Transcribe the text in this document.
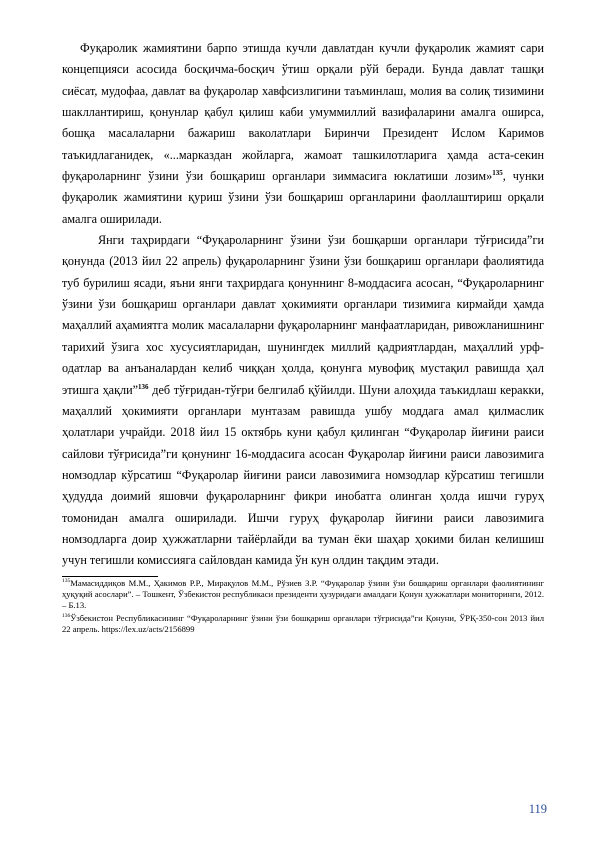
Фуқаролик жамиятини барпо этишда кучли давлатдан кучли фуқаролик жамият сари концепцияси асосида босқичма-босқич ўтиш орқали рўй беради. Бунда давлат ташқи сиёсат, мудофаа, давлат ва фуқаролар хавфсизлигини таъминлаш, молия ва солиқ тизимини шакллантириш, қонунлар қабул қилиш каби умуммиллий вазифаларини амалга оширса, бошқа масалаларни бажариш ваколатлари Биринчи Президент Ислом Каримов таъкидлаганидек, «...марказдан жойларга, жамоат ташкилотларига ҳамда аста-секин фуқароларнинг ўзини ўзи бошқариш органлари зиммасига юклатиши лозим»$^{135}$, чунки фуқаролик жамиятини қуриш ўзини ўзи бошқариш органларини фаоллаштириш орқали амалга оширилади.

Янги таҳрирдаги “Фуқароларнинг ўзини ўзи бошқарши органлари тўғрисида”ги қонунда (2013 йил 22 апрель) фуқароларнинг ўзини ўзи бошқариш органлари фаолиятида туб бурилиш ясади, яъни янги таҳрирдага қонуннинг 8-моддасига асосан, “Фуқароларнинг ўзини ўзи бошқариш органлари давлат ҳокимияти органлари тизимига кирмайди ҳамда маҳаллий аҳамиятга молик масалаларни фуқароларнинг манфаатларидан, ривожланишнинг тарихий ўзига хос хусусиятларидан, шунингдек миллий қадриятлардан, маҳаллий урф-одатлар ва анъаналардан келиб чиққан ҳолда, қонунга мувофиқ мустақил равишда ҳал этишга ҳақли”$^{136}$ деб тўғридан-тўғри белгилаб қўйилди. Шуни алоҳида таъкидлаш керакки, маҳаллий ҳокимияти органлари мунтазам равишда ушбу моддага амал қилмаслик ҳолатлари учрайди. 2018 йил 15 октябрь куни қабул қилинган “Фуқаролар йиғини раиси сайлови тўғрисида”ги қонунинг 16-моддасига асосан Фуқаролар йиғини раиси лавозимига номзодлар кўрсатиш “Фуқаролар йиғини раиси лавозимига номзодлар кўрсатиш тегишли ҳудудда доимий яшовчи фуқароларнинг фикри инобатга олинган ҳолда ишчи гуруҳ томонидан амалга оширилади. Ишчи гуруҳ фуқаролар йиғини раиси лавозимига номзодларга доир ҳужжатларни тайёрлайди ва туман ёки шаҳар ҳокими билан келишиш учун тегишли комиссияга сайловдан камида ўн кун олдин тақдим этади.

$^{135}$Мамасиддиқов М.М., Ҳакимов Р.Р., Мирақулов М.М., Рўзиев З.Р. “Фуқаролар ўзини ўзи бошқариш органлари фаолиятининг ҳуқуқий асослари”. – Тошкент, Ўзбекистон республикаси президенти ҳузуридаги амалдаги Қонун ҳужжатлари мониторинги, 2012. – Б.13.

$^{136}$Ўзбекистон Республикасининг “Фуқароларнинг ўзини ўзи бошқариш органлари тўғрисида”ги Қонуни, ЎРҚ-350-сон 2013 йил 22 апрель. https://lex.uz/acts/2156899

119
